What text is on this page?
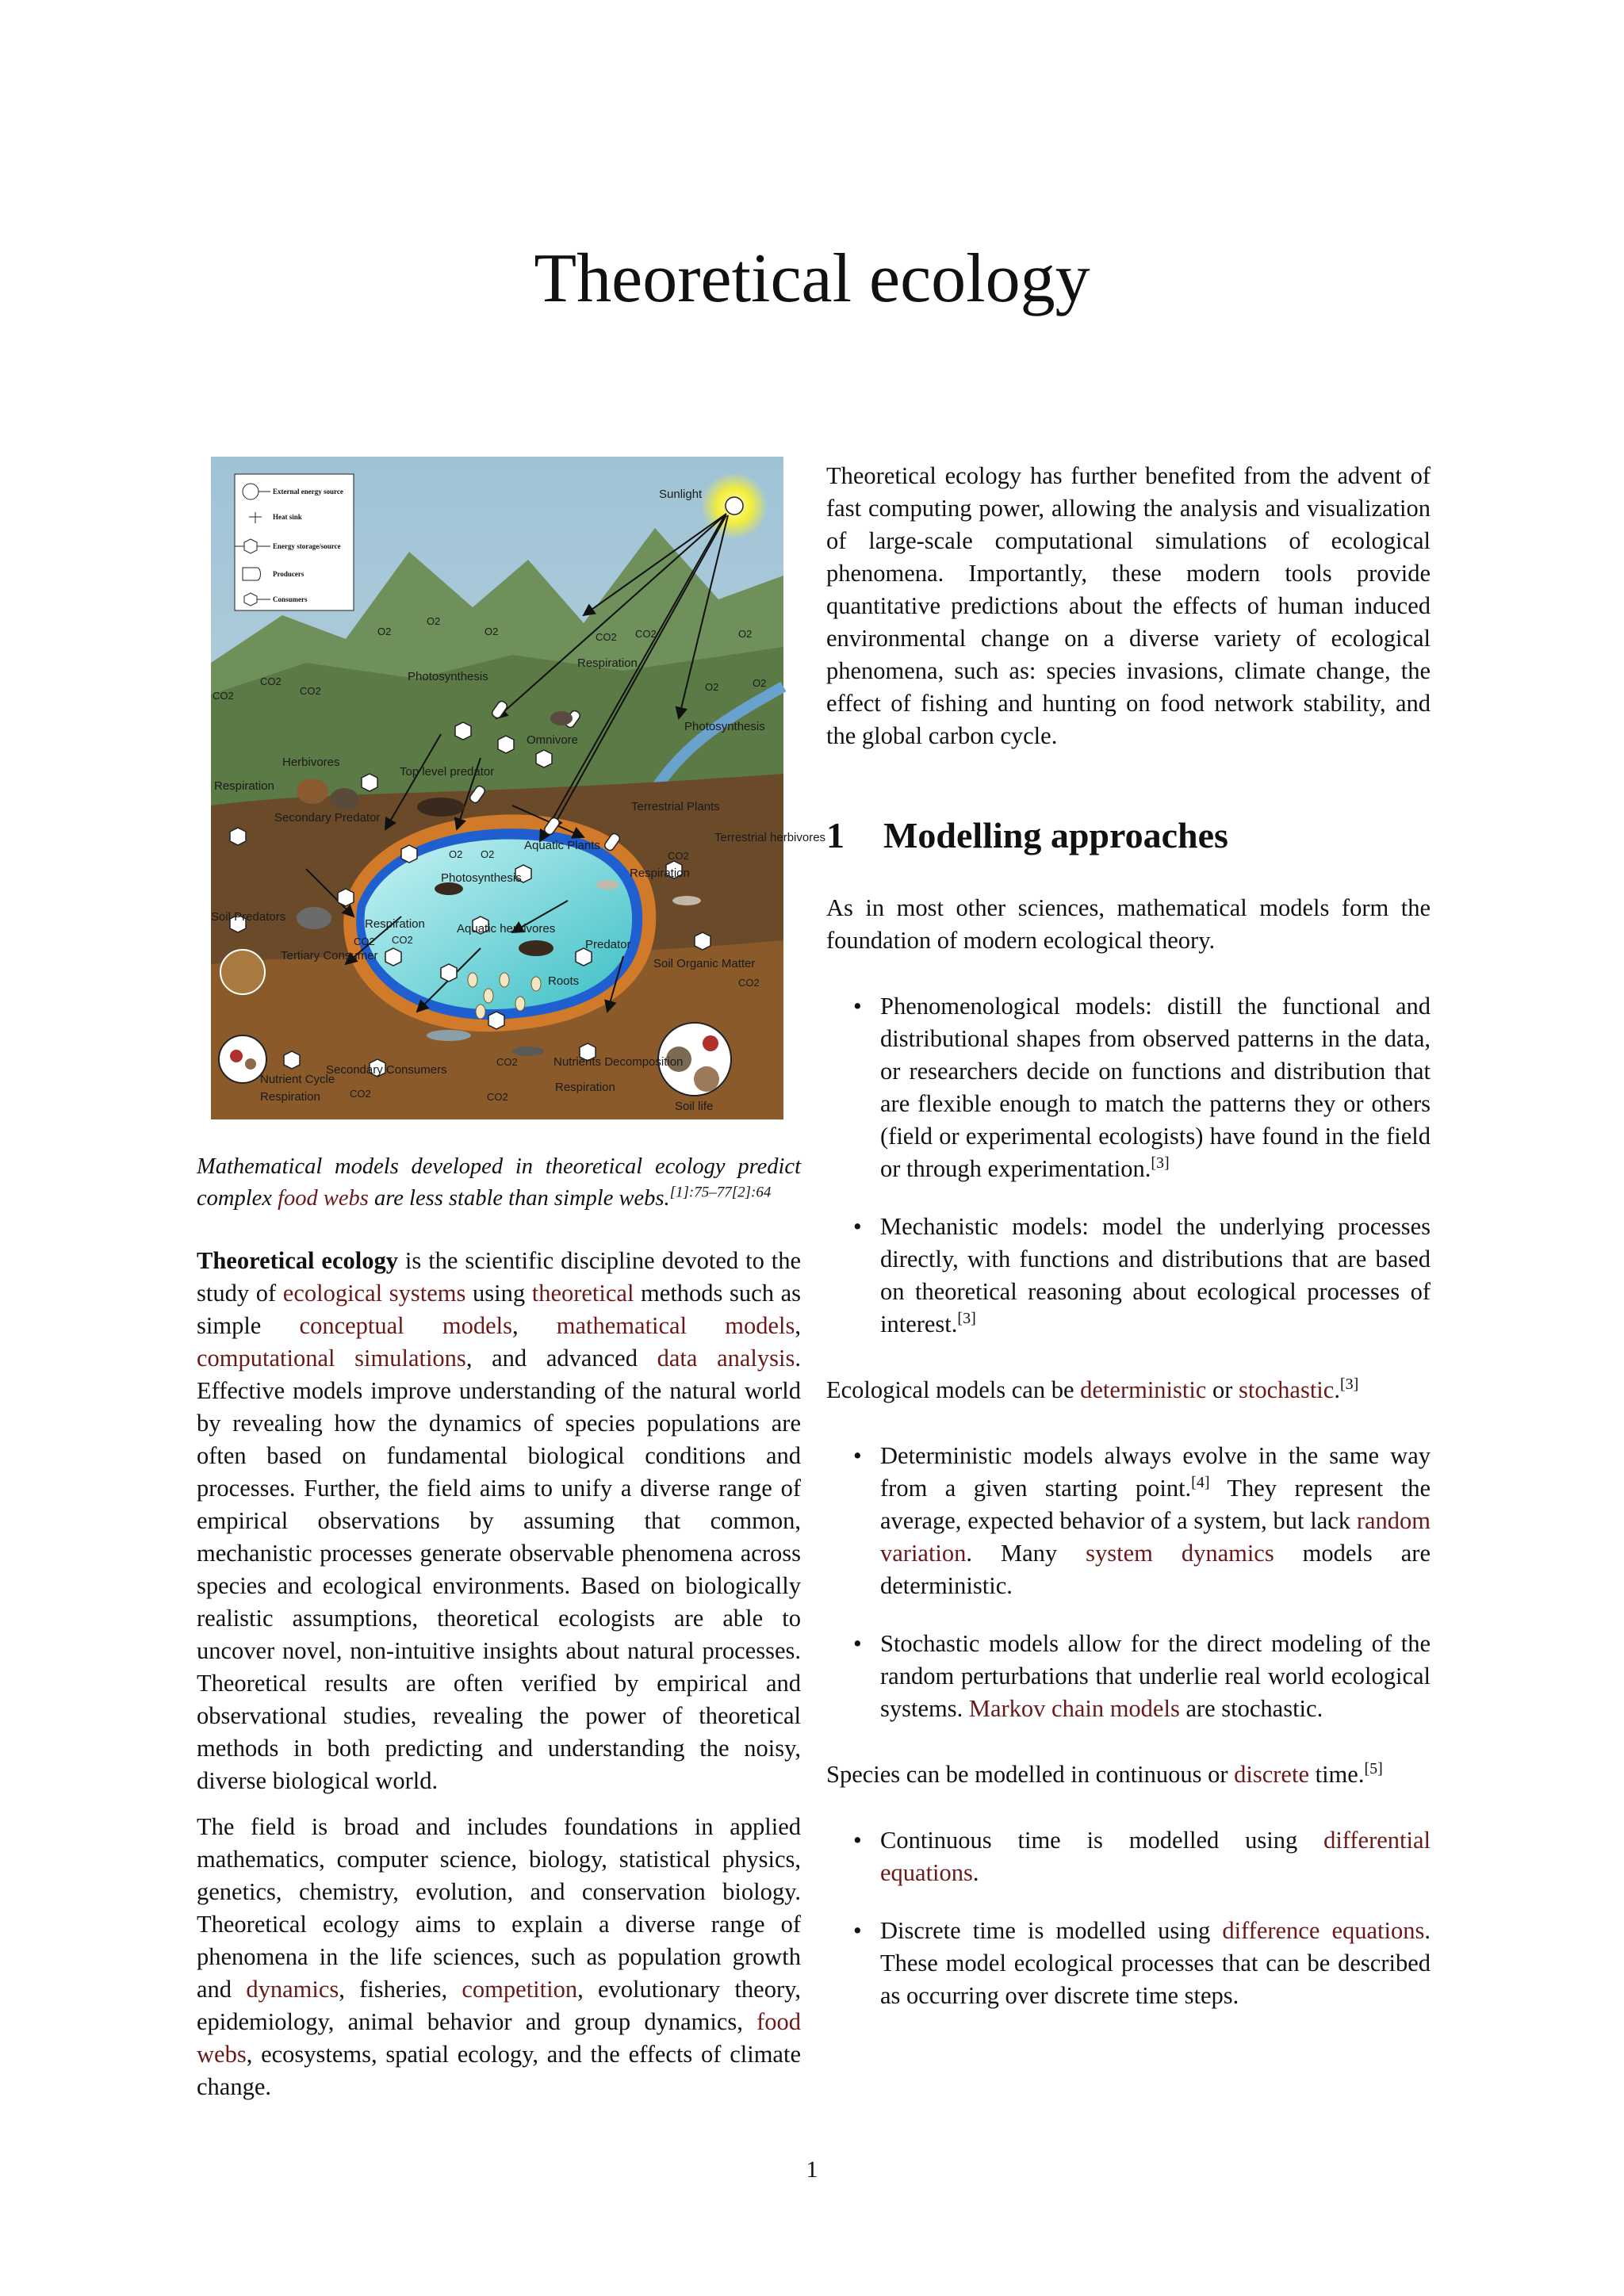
Theoretical ecology
Sunlight
External energy source
Heat sink
Energy storage/source
Producers
Consumers
O2
O2
O2	CO2 CO2	O2
CO2
CO2
CO2
O2	O2
Photosynthesis
Respiration
Photosynthesis
Omnivore
Top level predator
Herbivores
Respiration
Secondary Predator
Terrestrial Plants
Terrestrial herbivores
O2 O2	CO2
Aquatic Plants
Photosynthesis	Respiration
Soil Predators
Respiration	Aquatic herbivores
CO2 CO2	Predator
Tertiary Consumer
Soil Organic Matter
CO2
Roots
CO2
Secondary Consumers
Nutrients Decomposition
Respiration
Nutrient Cycle
Respiration	CO2	CO2
Soil life
Mathematical models developed in theoretical ecology predict complex food webs are less stable than simple webs.$^{[1]:75-77[2]:64}$

Theoretical ecology is the scientific discipline devoted to the study of ecological systems using theoretical methods such as simple conceptual models, mathematical models, computational simulations, and advanced data analysis. Effective models improve understanding of the natural world by revealing how the dynamics of species populations are often based on fundamental biological conditions and processes. Further, the field aims to unify a diverse range of empirical observations by assuming that common, mechanistic processes generate observable phenomena across species and ecological environments. Based on biologically realistic assumptions, theoretical ecologists are able to uncover novel, non-intuitive insights about natural processes. Theoretical results are often verified by empirical and observational studies, revealing the power of theoretical methods in both predicting and understanding the noisy, diverse biological world.

The field is broad and includes foundations in applied mathematics, computer science, biology, statistical physics, genetics, chemistry, evolution, and conservation biology. Theoretical ecology aims to explain a diverse range of phenomena in the life sciences, such as population growth and dynamics, fisheries, competition, evolutionary theory, epidemiology, animal behavior and group dynamics, food webs, ecosystems, spatial ecology, and the effects of climate change.

Theoretical ecology has further benefited from the advent of fast computing power, allowing the analysis and visualization of large-scale computational simulations of ecological phenomena. Importantly, these modern tools provide quantitative predictions about the effects of human induced environmental change on a diverse variety of ecological phenomena, such as: species invasions, climate change, the effect of fishing and hunting on food network stability, and the global carbon cycle.

1 Modelling approaches

As in most other sciences, mathematical models form the foundation of modern ecological theory.

• Phenomenological models: distill the functional and distributional shapes from observed patterns in the data, or researchers decide on functions and distribution that are flexible enough to match the patterns they or others (field or experimental ecologists) have found in the field or through experimentation.[3]
• Mechanistic models: model the underlying processes directly, with functions and distributions that are based on theoretical reasoning about ecological processes of interest.[3]

Ecological models can be deterministic or stochastic.[3]

• Deterministic models always evolve in the same way from a given starting point.[4] They represent the average, expected behavior of a system, but lack random variation. Many system dynamics models are deterministic.
• Stochastic models allow for the direct modeling of the random perturbations that underlie real world ecological systems. Markov chain models are stochastic.

Species can be modelled in continuous or discrete time.[5]

• Continuous time is modelled using differential equations.
• Discrete time is modelled using difference equations. These model ecological processes that can be described as occurring over discrete time steps.
1
